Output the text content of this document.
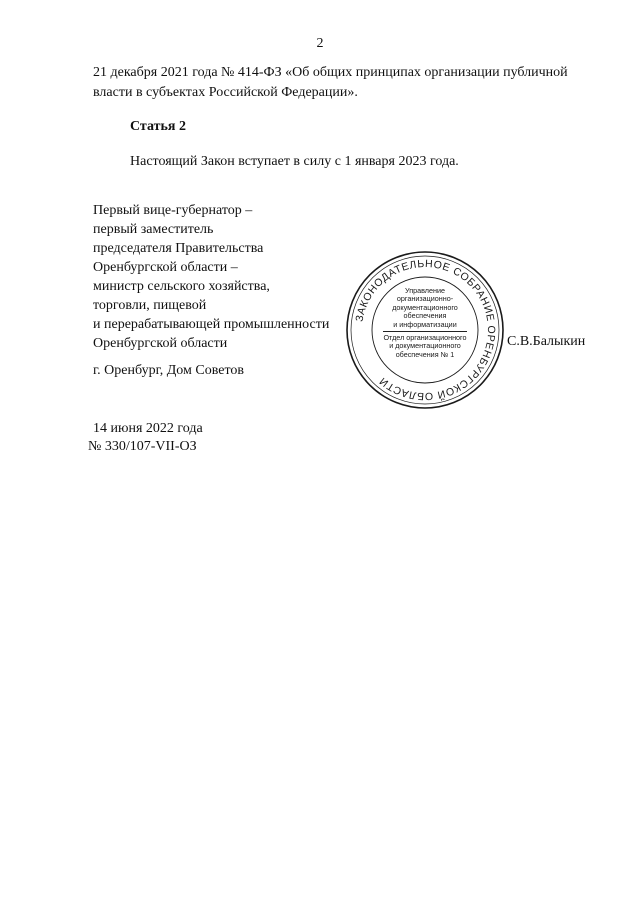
2
21 декабря 2021 года № 414-ФЗ «Об общих принципах организации публичной
власти в субъектах Российской Федерации».
Статья 2
Настоящий Закон вступает в силу с 1 января 2023 года.
Первый вице-губернатор –
первый заместитель
председателя Правительства
Оренбургской области –
министр сельского хозяйства,
торговли, пищевой
и перерабатывающей промышленности
Оренбургской области	С.В.Балыкин
г. Оренбург, Дом Советов
ЗАКОНОДАТЕЛЬНОЕ СОБРАНИЕ ОРЕНБУРГСКОЙ ОБЛАСТИ
Управление
организационно-
документационного
обеспечения
и информатизации
Отдел организационного
и документационного
обеспечения № 1
14 июня 2022 года
№ 330/107-VII-ОЗ
